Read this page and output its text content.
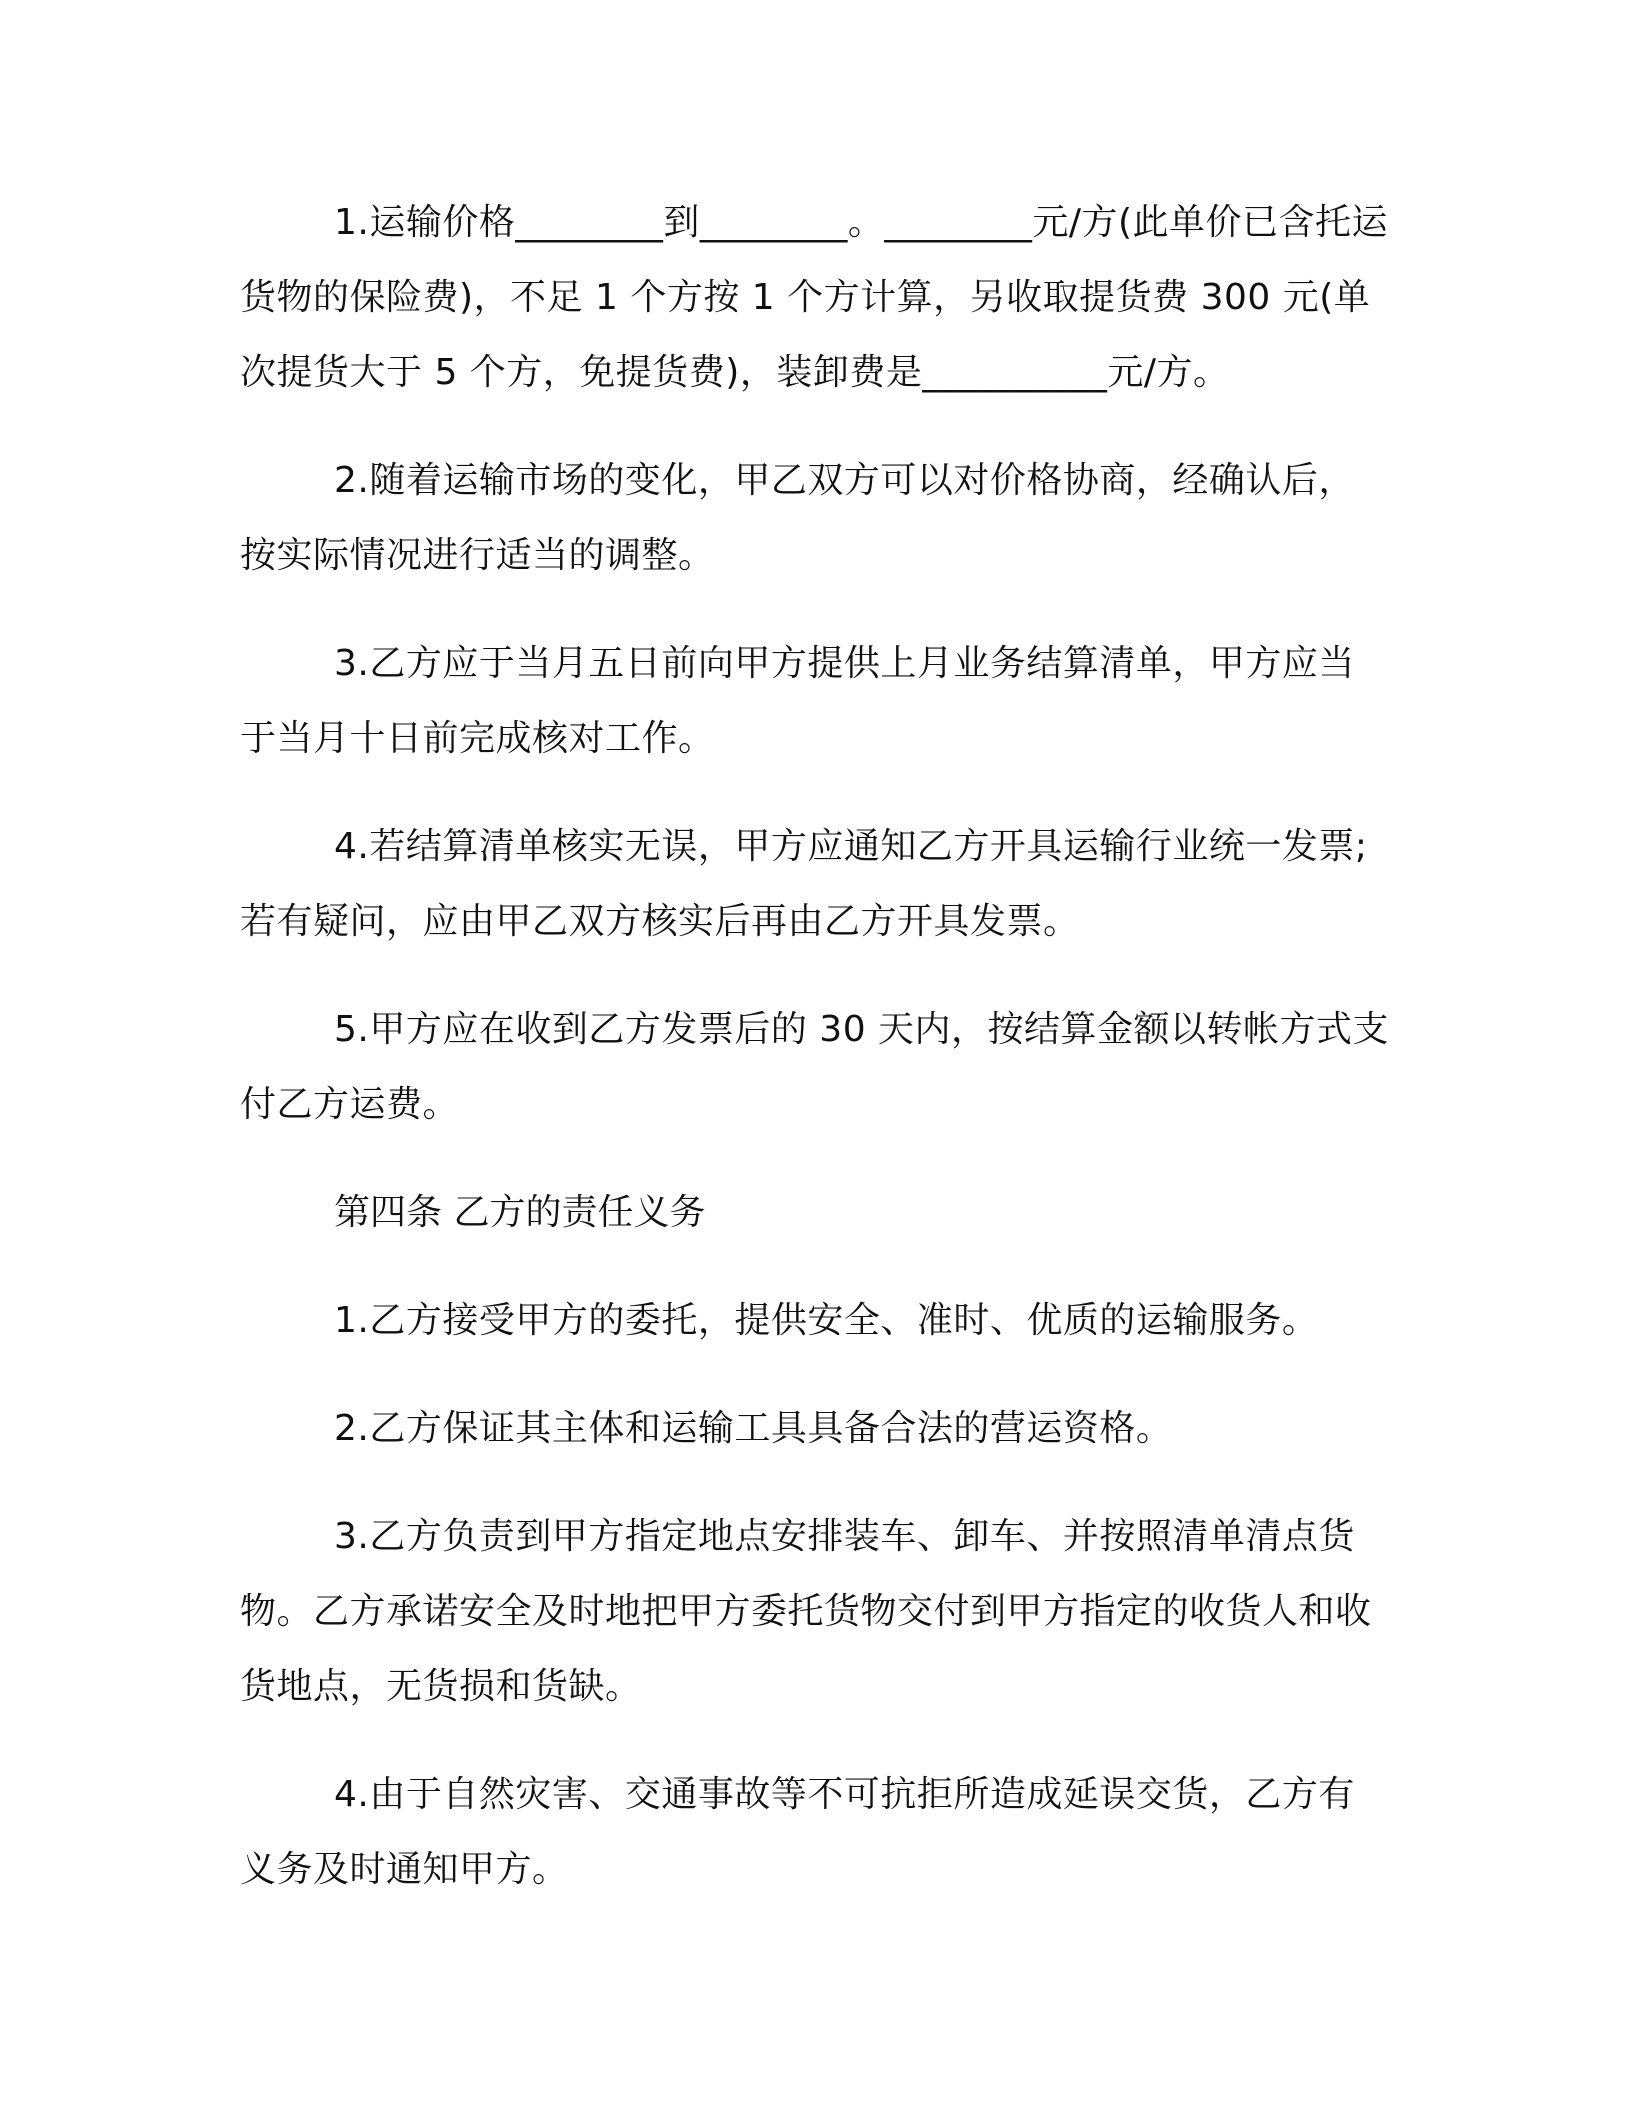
1.运输价格________到________。________元/方(此单价已含托运货物的保险费)，不足 1 个方按 1 个方计算，另收取提货费 300 元(单次提货大于 5 个方，免提货费)，装卸费是__________元/方。

2.随着运输市场的变化，甲乙双方可以对价格协商，经确认后，按实际情况进行适当的调整。

3.乙方应于当月五日前向甲方提供上月业务结算清单，甲方应当于当月十日前完成核对工作。

4.若结算清单核实无误，甲方应通知乙方开具运输行业统一发票;若有疑问，应由甲乙双方核实后再由乙方开具发票。

5.甲方应在收到乙方发票后的 30 天内，按结算金额以转帐方式支付乙方运费。

第四条 乙方的责任义务

1.乙方接受甲方的委托，提供安全、准时、优质的运输服务。

2.乙方保证其主体和运输工具具备合法的营运资格。

3.乙方负责到甲方指定地点安排装车、卸车、并按照清单清点货物。乙方承诺安全及时地把甲方委托货物交付到甲方指定的收货人和收货地点，无货损和货缺。

4.由于自然灾害、交通事故等不可抗拒所造成延误交货，乙方有义务及时通知甲方。
